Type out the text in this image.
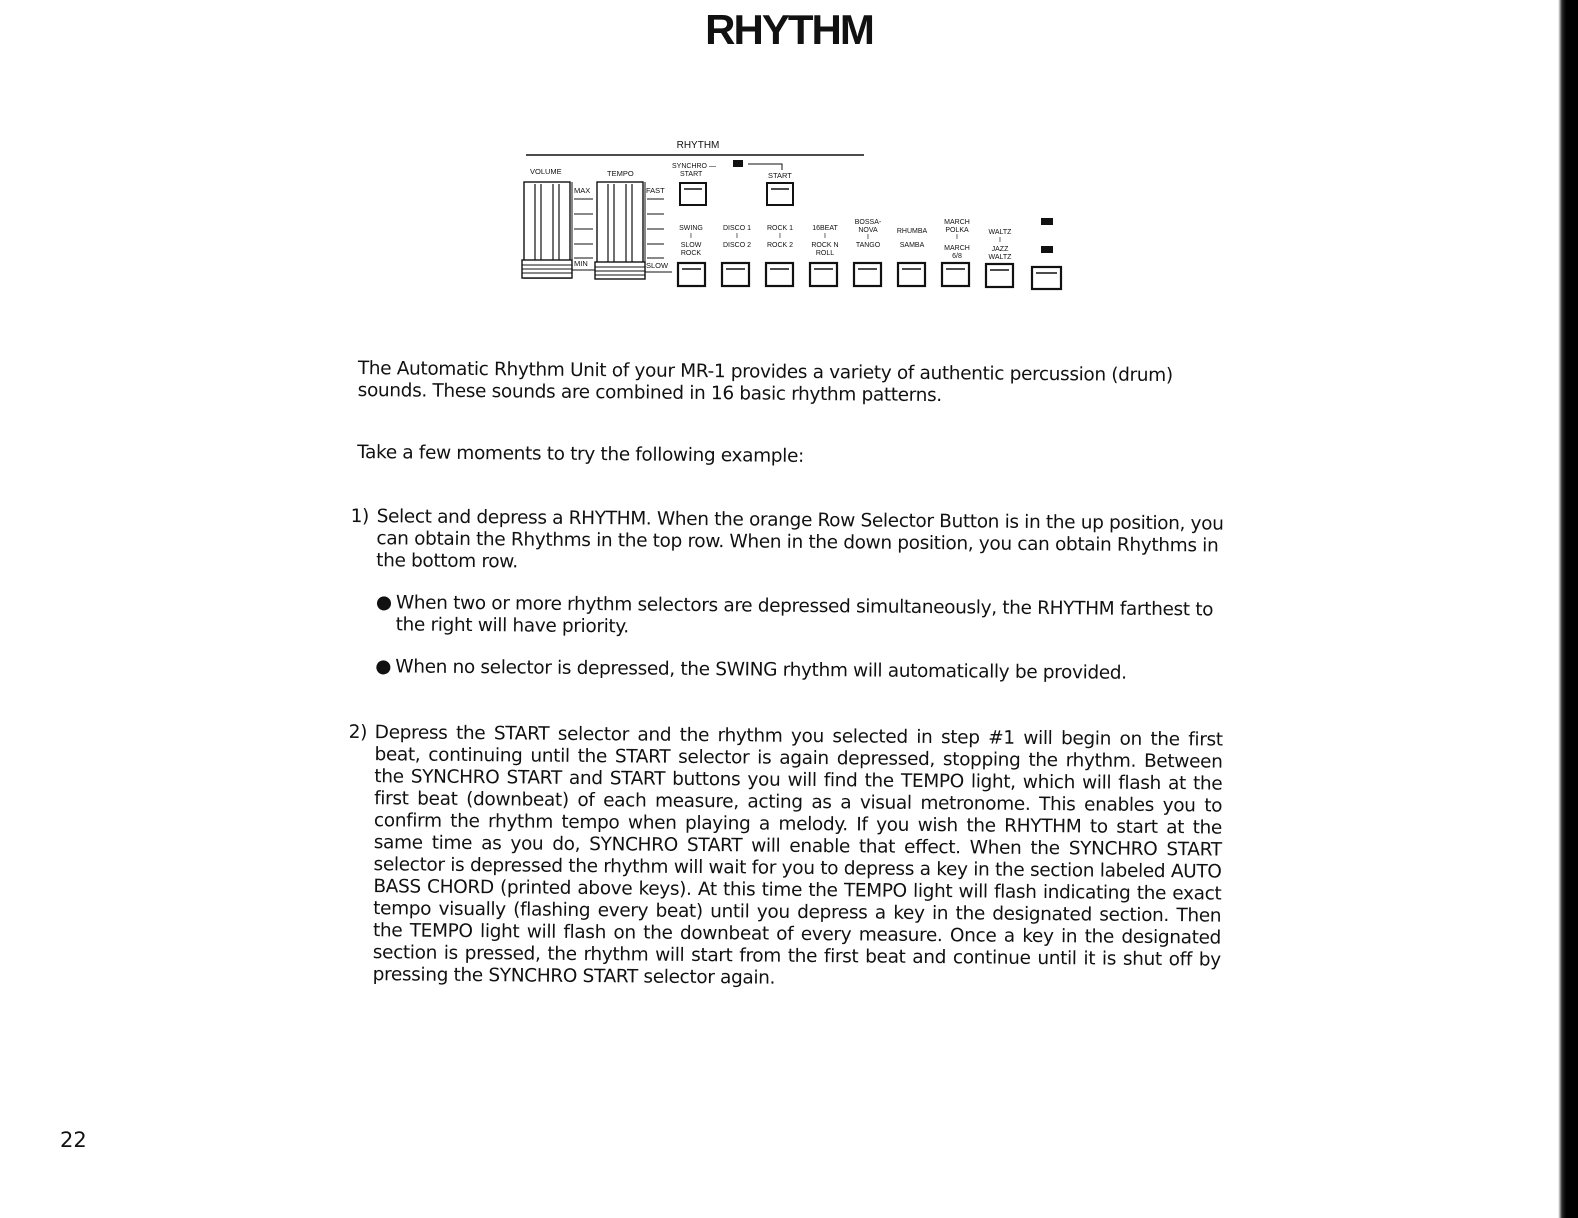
RHYTHM
RHYTHM
VOLUME	TEMPO
MAX
MIN
FAST
SLOW
SYNCHRO —
START	START
SWING
I
SLOW
ROCK
DISCO 1
I
DISCO 2
ROCK 1
I
ROCK 2
16BEAT
I
ROCK N
ROLL
BOSSA-
NOVA
I
TANGO
RHUMBA
SAMBA
MARCH
POLKA
I
MARCH
6/8
WALTZ
I
JAZZ
WALTZ

The Automatic Rhythm Unit of your MR-1 provides a variety of authentic percussion (drum) sounds. These sounds are combined in 16 basic rhythm patterns.

Take a few moments to try the following example:

1) Select and depress a RHYTHM. When the orange Row Selector Button is in the up position, you can obtain the Rhythms in the top row. When in the down position, you can obtain Rhythms in the bottom row.

● When two or more rhythm selectors are depressed simultaneously, the RHYTHM farthest to the right will have priority.

● When no selector is depressed, the SWING rhythm will automatically be provided.

2) Depress the START selector and the rhythm you selected in step #1 will begin on the first beat, continuing until the START selector is again depressed, stopping the rhythm. Between the SYNCHRO START and START buttons you will find the TEMPO light, which will flash at the first beat (downbeat) of each measure, acting as a visual metronome. This enables you to confirm the rhythm tempo when playing a melody. If you wish the RHYTHM to start at the same time as you do, SYNCHRO START will enable that effect. When the SYNCHRO START selector is depressed the rhythm will wait for you to depress a key in the section labeled AUTO BASS CHORD (printed above keys). At this time the TEMPO light will flash indicating the exact tempo visually (flashing every beat) until you depress a key in the designated section. Then the TEMPO light will flash on the downbeat of every measure. Once a key in the designated section is pressed, the rhythm will start from the first beat and continue until it is shut off by pressing the SYNCHRO START selector again.

22
